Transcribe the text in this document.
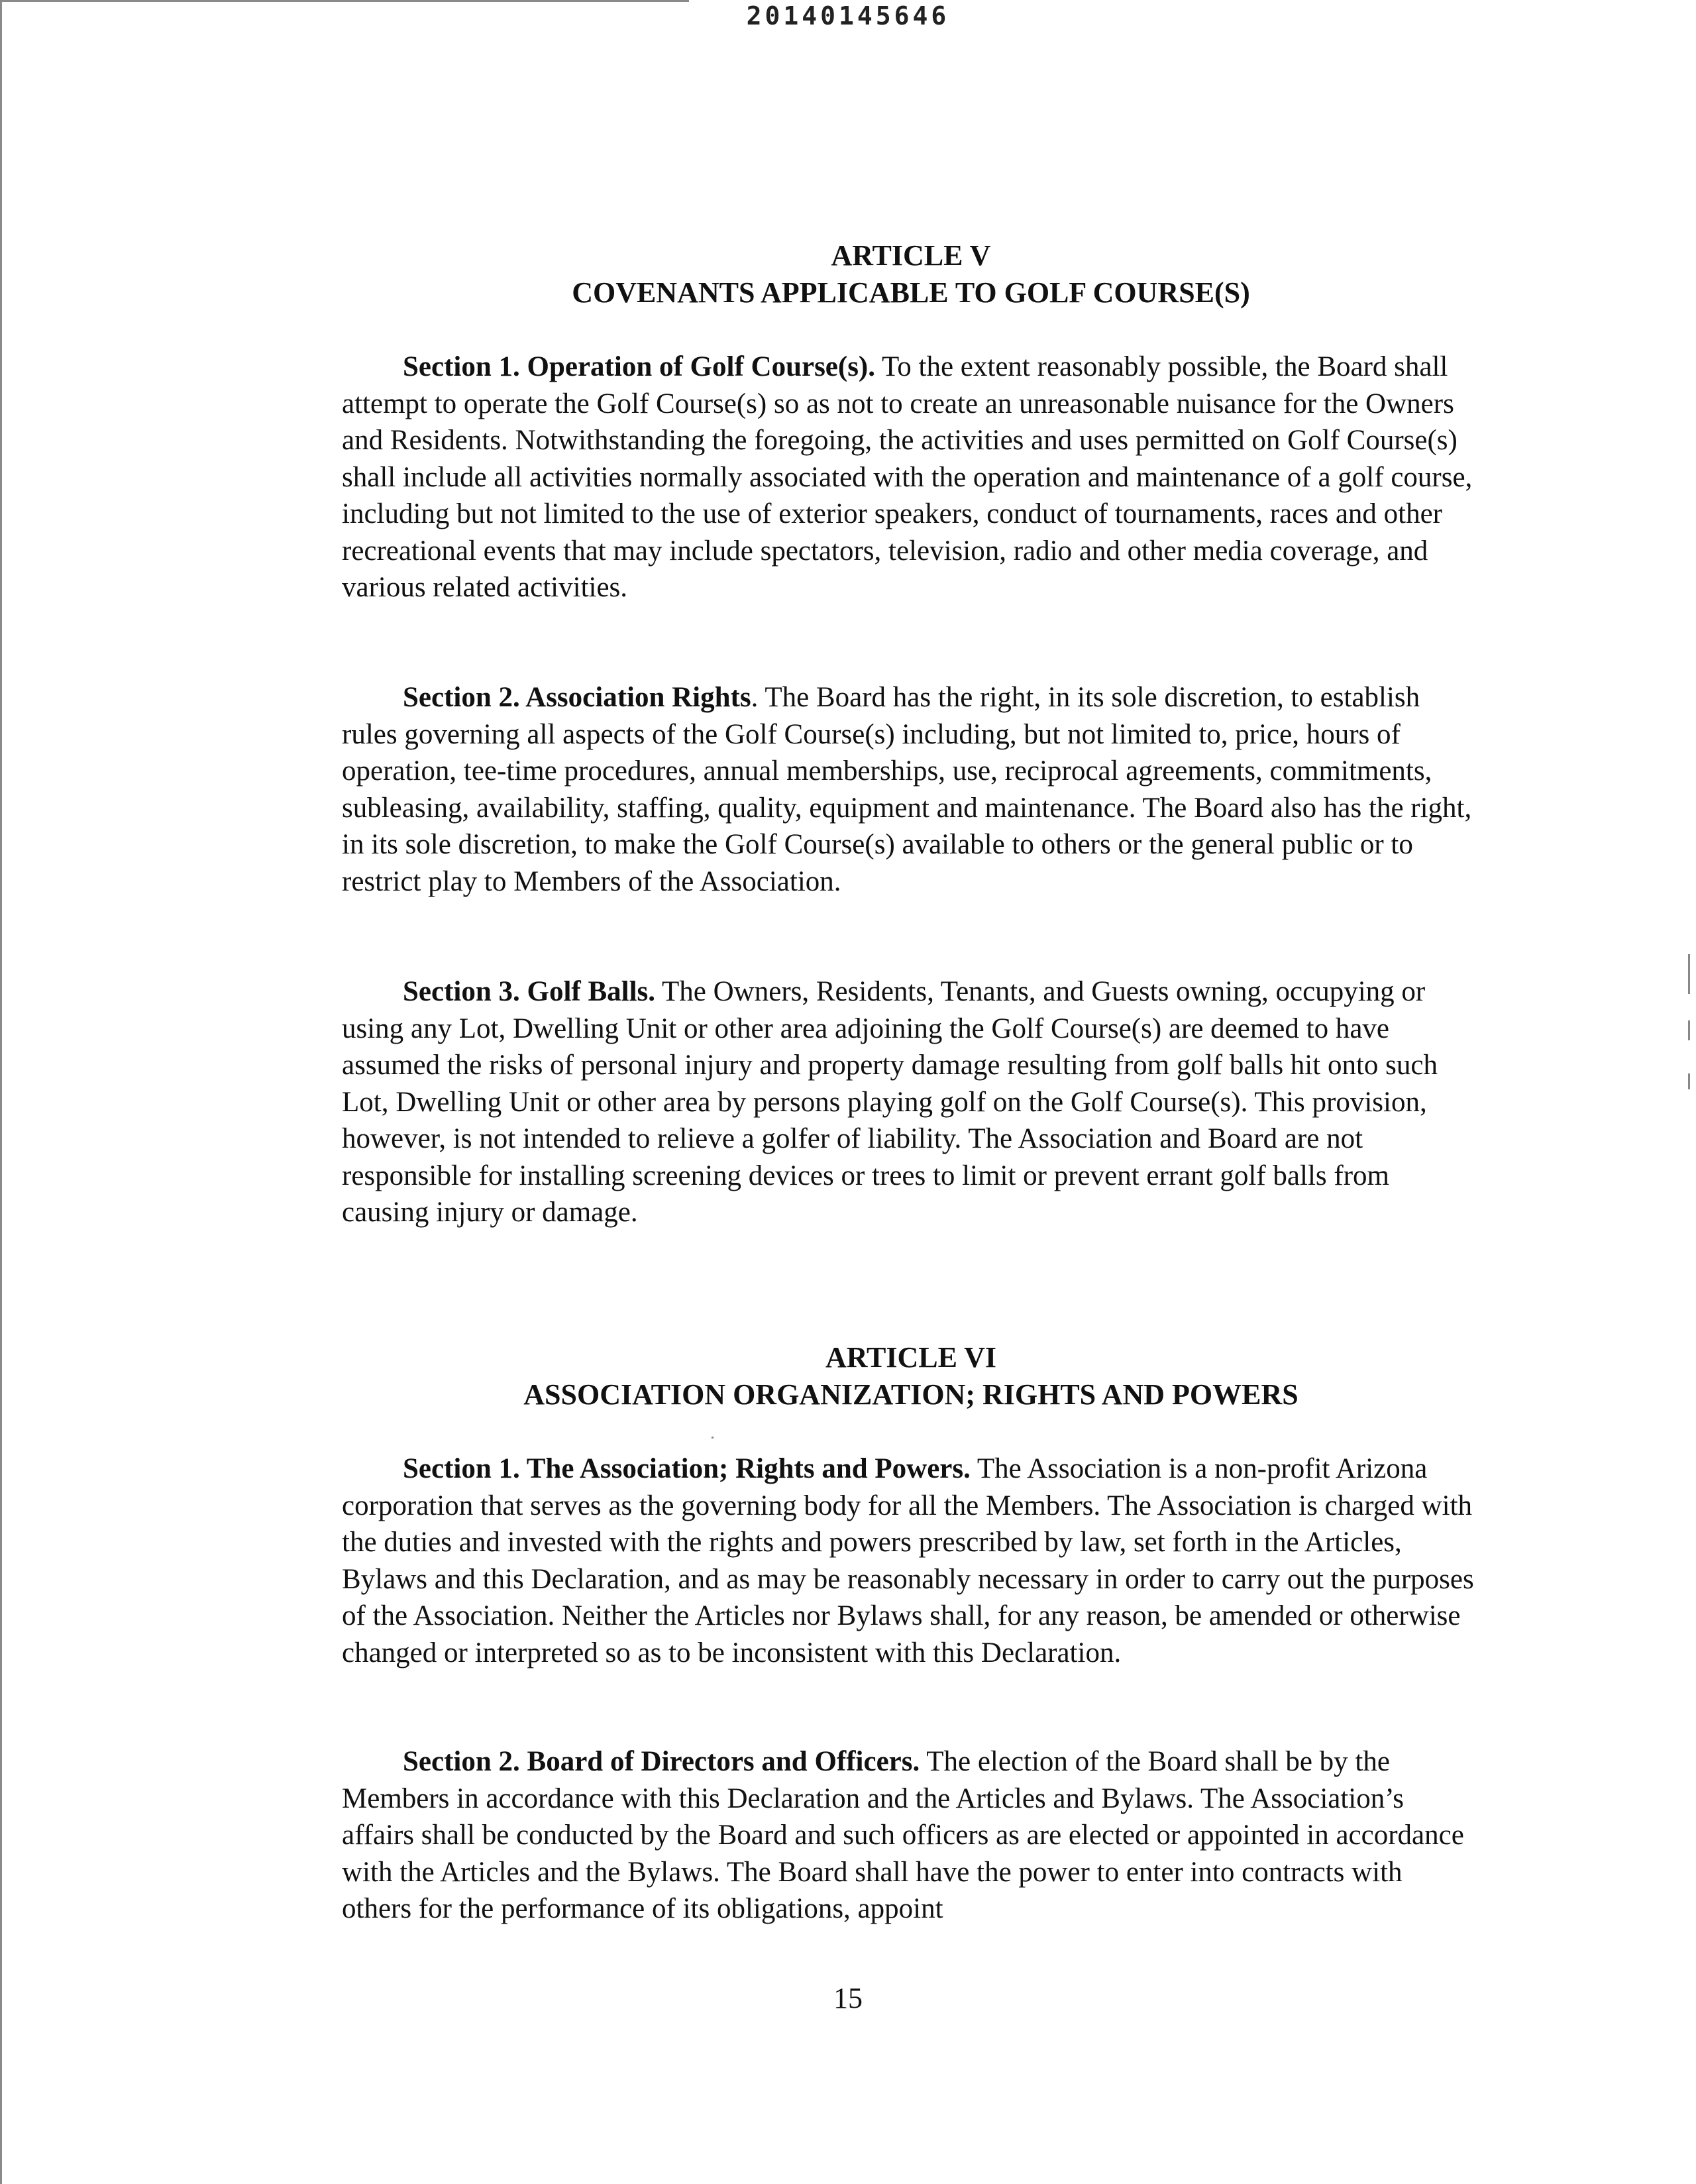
20140145646
ARTICLE V
COVENANTS APPLICABLE TO GOLF COURSE(S)
Section 1. Operation of Golf Course(s). To the extent reasonably possible, the Board shall attempt to operate the Golf Course(s) so as not to create an unreasonable nuisance for the Owners and Residents. Notwithstanding the foregoing, the activities and uses permitted on Golf Course(s) shall include all activities normally associated with the operation and maintenance of a golf course, including but not limited to the use of exterior speakers, conduct of tournaments, races and other recreational events that may include spectators, television, radio and other media coverage, and various related activities.
Section 2. Association Rights. The Board has the right, in its sole discretion, to establish rules governing all aspects of the Golf Course(s) including, but not limited to, price, hours of operation, tee-time procedures, annual memberships, use, reciprocal agreements, commitments, subleasing, availability, staffing, quality, equipment and maintenance. The Board also has the right, in its sole discretion, to make the Golf Course(s) available to others or the general public or to restrict play to Members of the Association.
Section 3. Golf Balls. The Owners, Residents, Tenants, and Guests owning, occupying or using any Lot, Dwelling Unit or other area adjoining the Golf Course(s) are deemed to have assumed the risks of personal injury and property damage resulting from golf balls hit onto such Lot, Dwelling Unit or other area by persons playing golf on the Golf Course(s). This provision, however, is not intended to relieve a golfer of liability. The Association and Board are not responsible for installing screening devices or trees to limit or prevent errant golf balls from causing injury or damage.
ARTICLE VI
ASSOCIATION ORGANIZATION; RIGHTS AND POWERS
Section 1. The Association; Rights and Powers. The Association is a non-profit Arizona corporation that serves as the governing body for all the Members. The Association is charged with the duties and invested with the rights and powers prescribed by law, set forth in the Articles, Bylaws and this Declaration, and as may be reasonably necessary in order to carry out the purposes of the Association. Neither the Articles nor Bylaws shall, for any reason, be amended or otherwise changed or interpreted so as to be inconsistent with this Declaration.
Section 2. Board of Directors and Officers. The election of the Board shall be by the Members in accordance with this Declaration and the Articles and Bylaws. The Association’s affairs shall be conducted by the Board and such officers as are elected or appointed in accordance with the Articles and the Bylaws. The Board shall have the power to enter into contracts with others for the performance of its obligations, appoint
15
